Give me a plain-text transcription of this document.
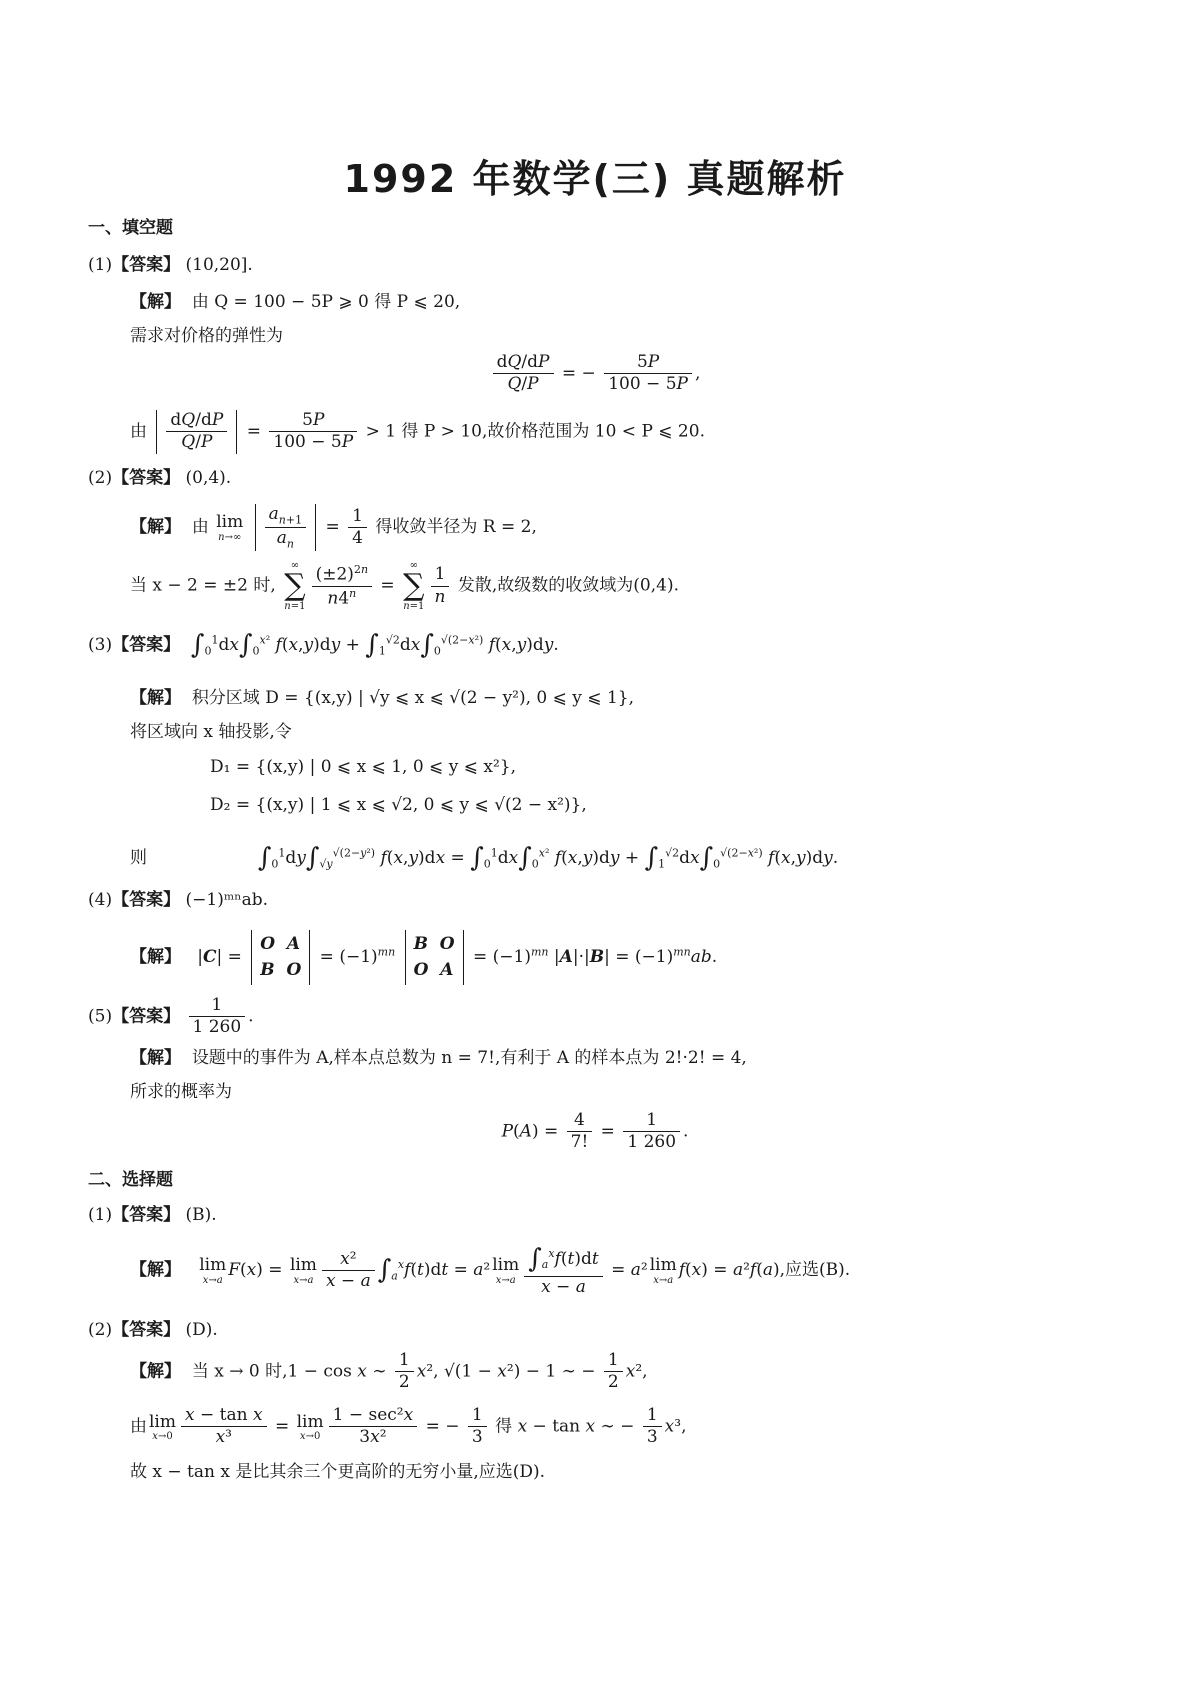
1992 年数学(三) 真题解析
一、填空题
(1)【答案】 (10,20].
【解】 由 Q = 100 − 5P ⩾ 0 得 P ⩽ 20,
需求对价格的弹性为
$\frac{dQ/dP}{Q/P}$ = − $\frac{5P}{100 - 5P}$ ,
由 $\frac{dQ/dP}{Q/P} = \frac{5P}{100 - 5P} > 1$ 得 P > 10,故价格范围为 10 < P ⩽ 20.
(2)【答案】 (0,4).
【解】 由 lim
n→∞
$\frac{a_{n+1}}{a_n} = \frac{1}{4}$ 得收敛半径为 R = 2,
当 x − 2 = ±2 时,
∞
∑
$n=1 \frac{(\pm 2)^{2n}}{n4^n}$ =
∞
∑
$n=1 \frac{1}{n}$ 发散,故级数的收敛域为(0,4).
(3)【答案】 $\int_0^1dx\int_0^{x^2}$ $f(x,y)dy + \int_1^{√2}dx\int_0^{√(2-x^2)}$ f(x,y)dy.
【解】 积分区域 D = {(x,y) | √y ⩽ x ⩽ √(2 − y²), 0 ⩽ y ⩽ 1},
将区域向 x 轴投影,令
D₁ = {(x,y) | 0 ⩽ x ⩽ 1, 0 ⩽ y ⩽ x²},
D₂ = {(x,y) | 1 ⩽ x ⩽ √2, 0 ⩽ y ⩽ √(2 − x²)},
则	$\int_0^1dy\int_{√y}^{√(2-y^2)}$ $f(x,y)dx = \int_0^1dx\int_0^{x^2}$ $f(x,y)dy + \int_1^{√2}dx\int_0^{√(2-x^2)}$ f(x,y)dy.
(4)【答案】 (−1)ᵐⁿab.
【解】   |C| =
O  A
B  O
= $(-1)^{mn}$ B  O
O  A
= $(-1)^{mn}$ $|A|\cdot|B| = (-1)^{mn}ab$.
(5)【答案】 $\frac{1}{1 260}$ .
【解】 设题中的事件为 A,样本点总数为 n = 7!,有利于 A 的样本点为 2!·2! = 4,
所求的概率为
$P(A) = \frac{4}{7!} = \frac{1}{1 260}$ .
二、选择题
(1)【答案】 (B).
【解】 lim
x→a
F(x) = lim
$x\to a \frac{\text{x²}}{x - a} \int_a^xf(t)dt = a^2$ lim
$x\to a \frac{\int_a^xf(t)dt}{x - a} = a^2$ lim
x→a
f(x) = a²f(a),应选(B).
(2)【答案】 (D).
【解】 当 x → 0 时,1 − cos x ∼ $\frac{1}{2} x^2$, √(1 − x²) − 1 ∼ − $\frac{1}{2} x^2$,
由 lim
$x\to 0 \frac{\text{x − tan x}}{\text{x³}} = \lim$
$x\to 0 \frac{\text{1 − sec²x}}{\text{3x²}}$ = − $\frac{1}{3}$ 得 x − tan x ∼ − $\frac{1}{3} x^3$,
故 x − tan x 是比其余三个更高阶的无穷小量,应选(D).
